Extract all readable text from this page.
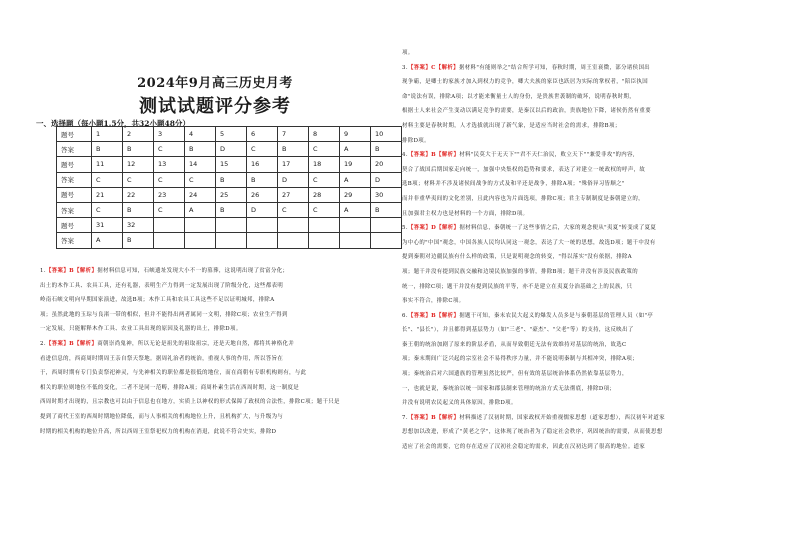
2024年9月高三历史月考
测试试题评分参考
一、选择题（每小题1.5分，共32小题48分）
题号	1	2	3	4	5	6	7	8	9	10
答案	B	B	C	B	D	C	B	C	A	B
题号	11	12	13	14	15	16	17	18	19	20
答案	C	C	C	C	B	B	D	C	A	D
题号	21	22	23	24	25	26	27	28	29	30
答案	C	B	C	A	B	D	C	C	A	B
题号	31	32								
答案	A	B								
1.【答案】B【解析】据材料信息可知，石峡遗址发现大小不一的墓葬，这说明出现了贫富分化；
出土的木作工具、农具工具，还有礼器，表明生产力得到一定发展出现了阶级分化，这些都表明
岭南石峡文明向早期国家演进，故选B项；木作工具和农具工具这些不足以证明城邦，排除A
项；虽然此地的玉琮与良渚一带的相似，但并不能得出两者属同一文明，排除C项；农业生产得到
一定发展，只能解释木作工具、农业工具出现的原因及礼器的出土，排除D项。
2.【答案】B【解析】商朝崇尚鬼神，所以无论是祖先的祖取祖宗，还是天地自然，都将其神格化并
看进信息的，西商周时期周王亲自祭天祭地。据周礼治者的统治，重视人事的作用，所以答旨在
于，西周时期有专门负责祭祀神灵，与先神相关的职位都是很低的地位，而在商朝有专职机构则有，与此
相关的职位则地位不低的变化，二者不是同一范畴，排除A项；商周朴素生活在西周时期，这一制度是
西周时期才出现的，且宗教也可以由于信息也在地方，实质上以神权的形式保障了政权的合法性，排除C项；题干只是
提到了商代王室的西周时期地位降低，而与人事相关的机构地位上升，且机构扩大，与升级为与
时期的相关机构的地位升高，所以西周王室祭祀权力的机构在消退，此说不符合史实，排除D
项。
3.【答案】C【解析】据材料"有能则举之"结合所学可知，春秋时期，周王室衰微，部分诸侯国出
现争霸，是卿士的家族才加入到权力的竞争，卿大夫族的家臣也跃居为实际的掌权者，"陪臣执国
命"说法有误，排除A项；以才能来衡量士人的身份，是贵族世袭制的破坏，说明春秋时期，
根据士人来社会产生变动以满足竞争的需要，是秦汉以后的政治，贵族地位下降，诸侯仍然有重要
材料主要是春秋时期，人才选拔就出现了新气象，是适应当时社会的需求，排除B项；
排除D项。
4.【答案】B【解析】材料"民莫大于无天下""君不天仁治民，败立天下""兼爱非攻"的内容,
契合了战国后期国家走向统一，加强中央集权的趋势和要求，表达了对建立一统政权的呼声，故
选B项；材料并不涉及诸侯间战争的方式及和平还是战争，排除A项；"殊俗异习皆顺之"
而并非重华夷间的文化差别，且此内容也为片面选项，排除C项；君主专制制度是秦朝建立的，
且加强君主权力也是材料的一个方面，排除D项。
5.【答案】D【解析】据材料信息，秦朝统一了这些事情之后，大家的观念便从"夷夏"转变成了夏夏
为中心的"中国"观念，中国各族人民均认同这一观念，表达了大一统的思想，故选D项；题干中没有
提到秦朝对边疆民族有什么样的政策，只是说明观念的转变，"得以落实"没有依据，排除A
项；题干并没有提到民族交融和边境民族加强的事情，排除B项；题干并没有涉及民族政策的
统一，排除C项；题干并没有提到民族的平等，亦不是建立在夷夏分治基础之上的民族，只
事实不符合，排除C项。
6.【答案】B【解析】据题干可知，秦末农民大起义的爆发人员多是与秦朝基层的管理人员（如"亭
长"、"县长"），并且都得到基层势力（如"三老"、"豪杰"、"父老"等）的支持，这反映出了
秦王朝的统治加剧了原来的阶层矛盾，从而导致朝廷无法有效维持对基层的统治，故选C
项；秦末期间广泛兴起的宗室社会不易得秩序力量，并不能说明秦制与其相冲突，排除A项；
项；秦统治后对六国遗族的管理虽然比较严，但有效的基层统治体系仍然依靠基层势力，
一，也就是说，秦统治以统一国家和郡县制来管理的统治方式无法彻底，排除D项；
并没有说明农民起义的具体原因，排除D项。
7.【答案】B【解析】材料描述了汉初时期，国家政权开始重视儒家思想（道家思想），西汉初年对道家
思想加以改进，形成了"黄老之学"，这体现了统治者为了稳定社会秩序，巩固统治的需要，从而使思想
适应了社会的需要，它的存在适应了汉初社会稳定的需求，因此在汉初达到了很高的地位。道家
